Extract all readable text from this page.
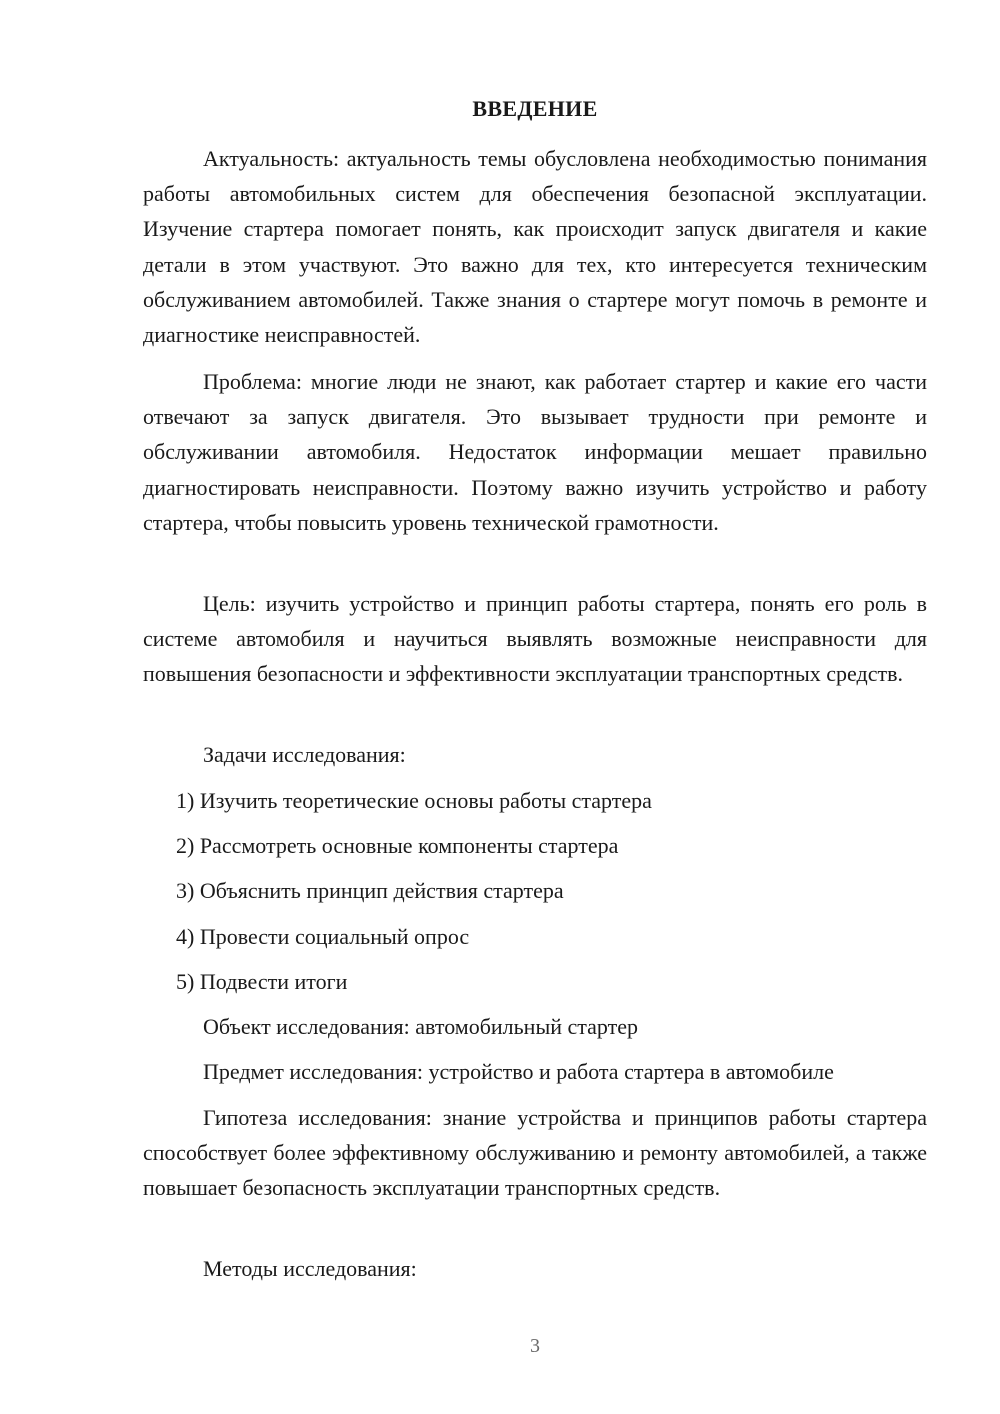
ВВЕДЕНИЕ

Актуальность: актуальность темы обусловлена необходимостью понимания работы автомобильных систем для обеспечения безопасной эксплуатации. Изучение стартера помогает понять, как происходит запуск двигателя и какие детали в этом участвуют. Это важно для тех, кто интересуется техническим обслуживанием автомобилей. Также знания о стартере могут помочь в ремонте и диагностике неисправностей.

Проблема: многие люди не знают, как работает стартер и какие его части отвечают за запуск двигателя. Это вызывает трудности при ремонте и обслуживании автомобиля. Недостаток информации мешает правильно диагностировать неисправности. Поэтому важно изучить устройство и работу стартера, чтобы повысить уровень технической грамотности.

Цель: изучить устройство и принцип работы стартера, понять его роль в системе автомобиля и научиться выявлять возможные неисправности для повышения безопасности и эффективности эксплуатации транспортных средств.

Задачи исследования:
1) Изучить теоретические основы работы стартера
2) Рассмотреть основные компоненты стартера
3) Объяснить принцип действия стартера
4) Провести социальный опрос
5) Подвести итоги
Объект исследования: автомобильный стартер
Предмет исследования: устройство и работа стартера в автомобиле

Гипотеза исследования: знание устройства и принципов работы стартера способствует более эффективному обслуживанию и ремонту автомобилей, а также повышает безопасность эксплуатации транспортных средств.

Методы исследования:
3
